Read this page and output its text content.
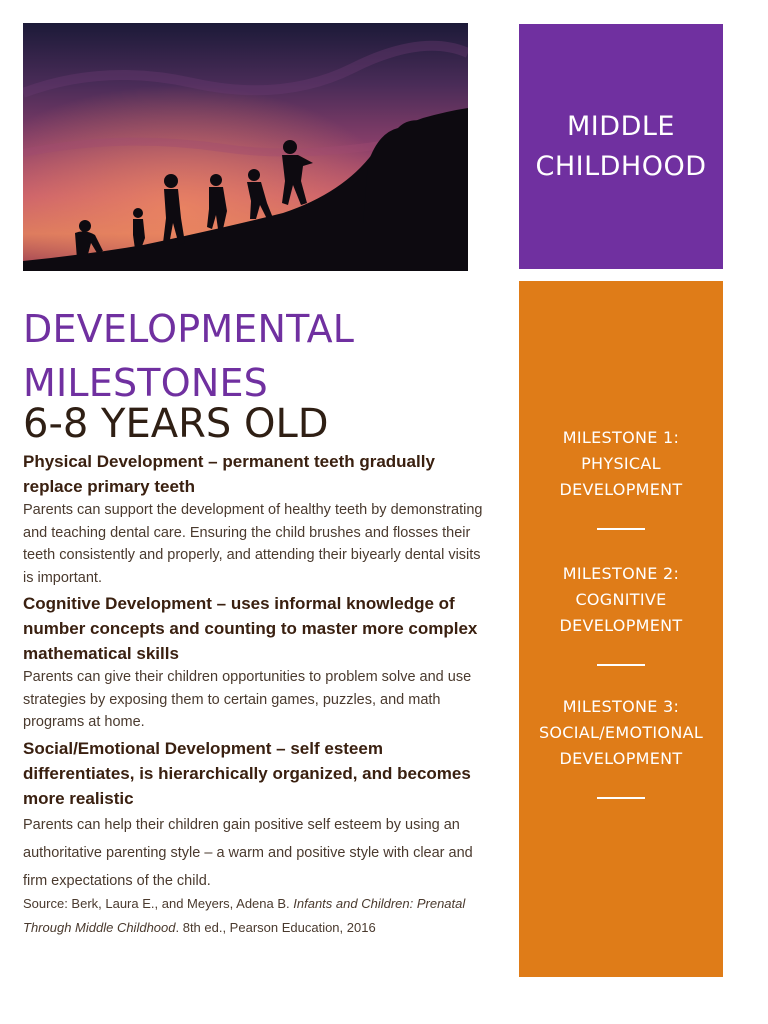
MIDDLE
CHILDHOOD
MILESTONE 1:
PHYSICAL
DEVELOPMENT
MILESTONE 2:
COGNITIVE
DEVELOPMENT
MILESTONE 3:
SOCIAL/EMOTIONAL
DEVELOPMENT
DEVELOPMENTAL
MILESTONES
6-8 YEARS OLD
Physical Development – permanent teeth gradually replace primary teeth
Parents can support the development of healthy teeth by demonstrating and teaching dental care. Ensuring the child brushes and flosses their teeth consistently and properly, and attending their biyearly dental visits is important.
Cognitive Development – uses informal knowledge of number concepts and counting to master more complex mathematical skills
Parents can give their children opportunities to problem solve and use strategies by exposing them to certain games, puzzles, and math programs at home.
Social/Emotional Development – self esteem differentiates, is hierarchically organized, and becomes more realistic
Parents can help their children gain positive self esteem by using an authoritative parenting style – a warm and positive style with clear and firm expectations of the child.
Source: Berk, Laura E., and Meyers, Adena B. Infants and Children: Prenatal Through Middle Childhood. 8th ed., Pearson Education, 2016
